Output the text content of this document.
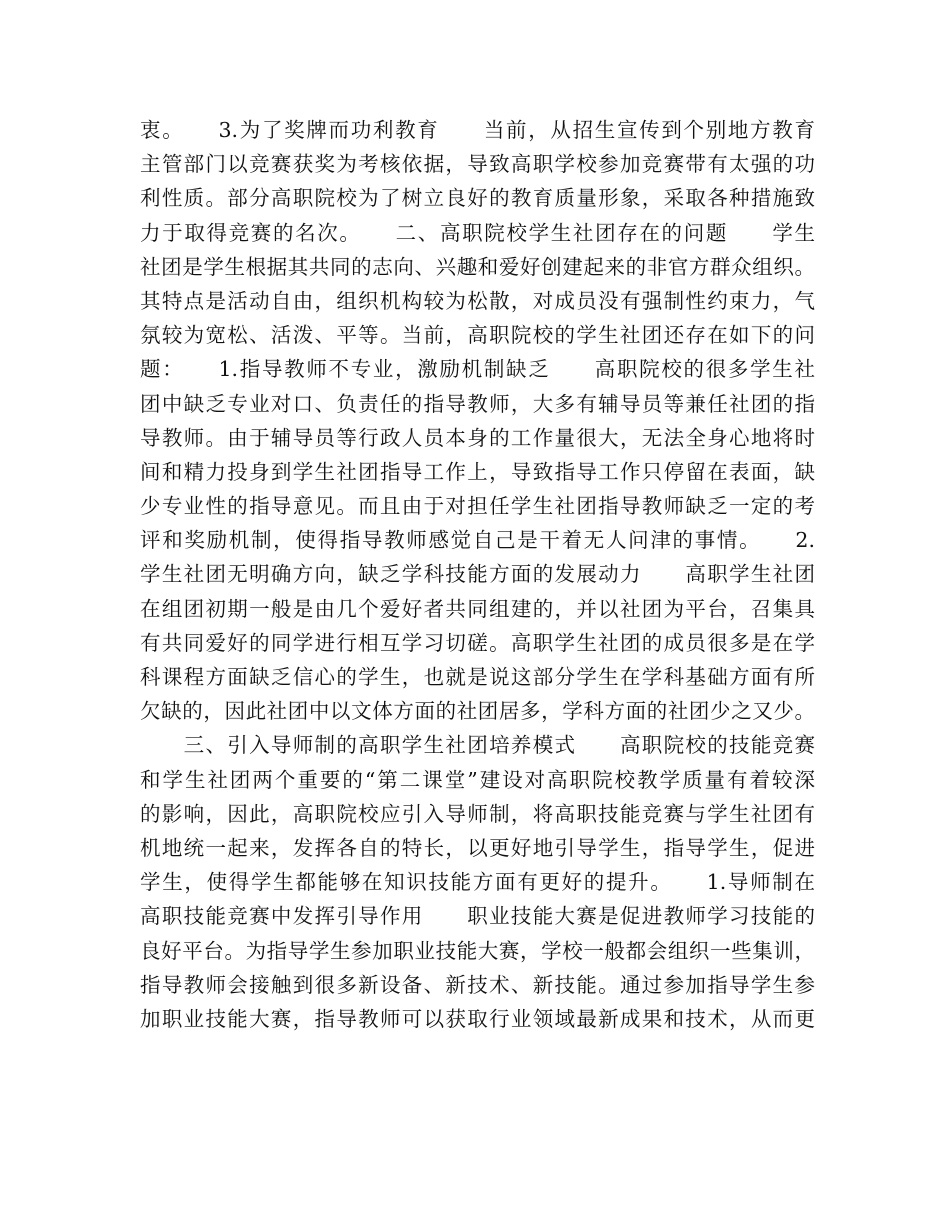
衷。　　3.为了奖牌而功利教育　　当前，从招生宣传到个别地方教育
主管部门以竞赛获奖为考核依据，导致高职学校参加竞赛带有太强的功
利性质。部分高职院校为了树立良好的教育质量形象，采取各种措施致
力于取得竞赛的名次。　　二、高职院校学生社团存在的问题　　学生
社团是学生根据其共同的志向、兴趣和爱好创建起来的非官方群众组织。
其特点是活动自由，组织机构较为松散，对成员没有强制性约束力，气
氛较为宽松、活泼、平等。当前，高职院校的学生社团还存在如下的问
题：　　1.指导教师不专业，激励机制缺乏　　高职院校的很多学生社
团中缺乏专业对口、负责任的指导教师，大多有辅导员等兼任社团的指
导教师。由于辅导员等行政人员本身的工作量很大，无法全身心地将时
间和精力投身到学生社团指导工作上，导致指导工作只停留在表面，缺
少专业性的指导意见。而且由于对担任学生社团指导教师缺乏一定的考
评和奖励机制，使得指导教师感觉自己是干着无人问津的事情。　　2.
学生社团无明确方向，缺乏学科技能方面的发展动力　　高职学生社团
在组团初期一般是由几个爱好者共同组建的，并以社团为平台，召集具
有共同爱好的同学进行相互学习切磋。高职学生社团的成员很多是在学
科课程方面缺乏信心的学生，也就是说这部分学生在学科基础方面有所
欠缺的，因此社团中以文体方面的社团居多，学科方面的社团少之又少。
　　三、引入导师制的高职学生社团培养模式　　高职院校的技能竞赛
和学生社团两个重要的“第二课堂”建设对高职院校教学质量有着较深
的影响，因此，高职院校应引入导师制，将高职技能竞赛与学生社团有
机地统一起来，发挥各自的特长，以更好地引导学生，指导学生，促进
学生，使得学生都能够在知识技能方面有更好的提升。　　1.导师制在
高职技能竞赛中发挥引导作用　　职业技能大赛是促进教师学习技能的
良好平台。为指导学生参加职业技能大赛，学校一般都会组织一些集训，
指导教师会接触到很多新设备、新技术、新技能。通过参加指导学生参
加职业技能大赛，指导教师可以获取行业领域最新成果和技术，从而更
